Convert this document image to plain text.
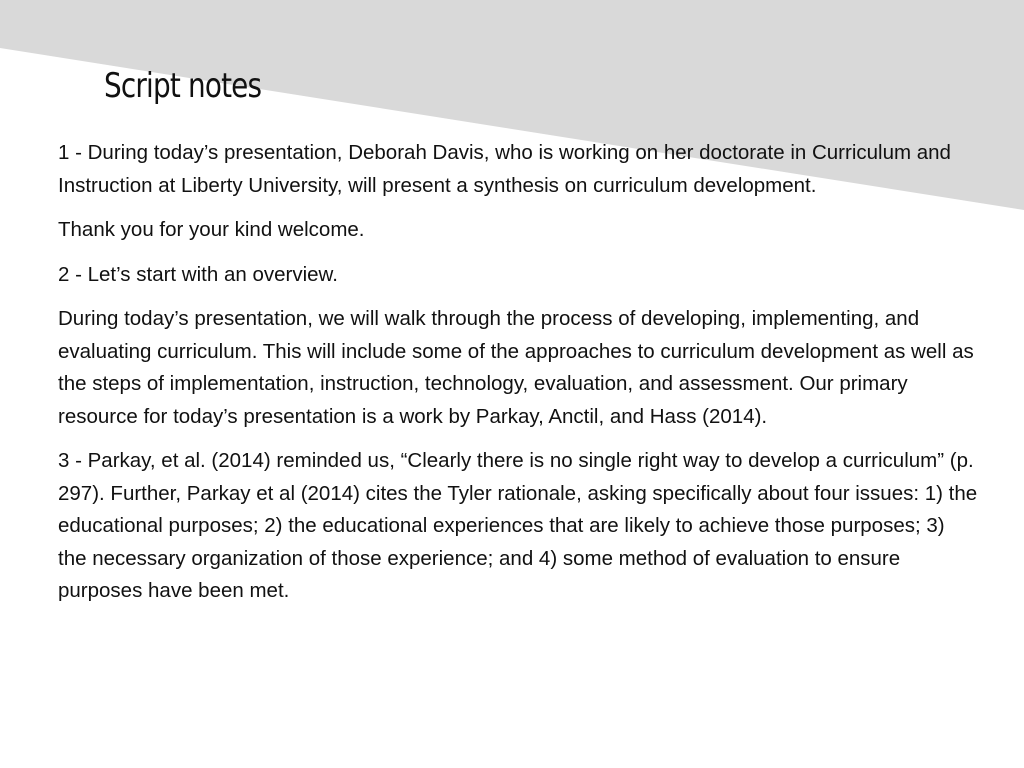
Script notes

1 - During today’s presentation, Deborah Davis, who is working on her doctorate in Curriculum and Instruction at Liberty University, will present a synthesis on curriculum development.

Thank you for your kind welcome.

2 - Let’s start with an overview.

During today’s presentation, we will walk through the process of developing, implementing, and evaluating curriculum. This will include some of the approaches to curriculum development as well as the steps of implementation, instruction, technology, evaluation, and assessment. Our primary resource for today’s presentation is a work by Parkay, Anctil, and Hass (2014).

3 - Parkay, et al. (2014) reminded us, “Clearly there is no single right way to develop a curriculum” (p. 297). Further, Parkay et al (2014) cites the Tyler rationale, asking specifically about four issues: 1) the educational purposes; 2) the educational experiences that are likely to achieve those purposes; 3) the necessary organization of those experience; and 4) some method of evaluation to ensure purposes have been met.
